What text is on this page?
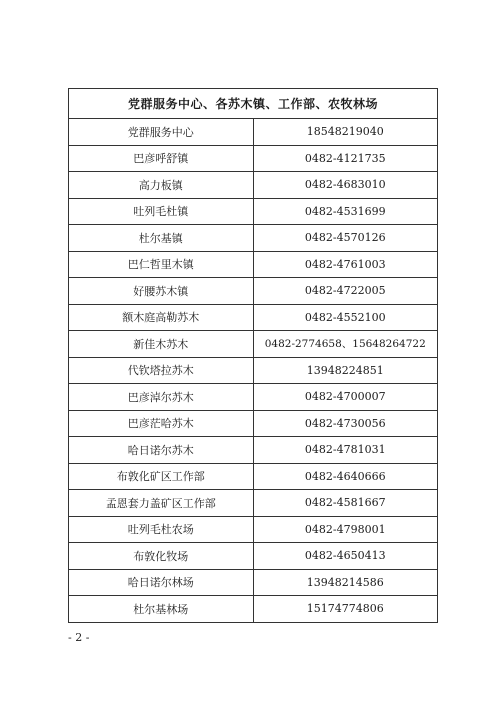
党群服务中心、各苏木镇、工作部、农牧林场	
党群服务中心	18548219040
巴彦呼舒镇	0482-4121735
高力板镇	0482-4683010
吐列毛杜镇	0482-4531699
杜尔基镇	0482-4570126
巴仁哲里木镇	0482-4761003
好腰苏木镇	0482-4722005
额木庭高勒苏木	0482-4552100
新佳木苏木	0482-2774658、15648264722
代钦塔拉苏木	13948224851
巴彦淖尔苏木	0482-4700007
巴彦茫哈苏木	0482-4730056
哈日诺尔苏木	0482-4781031
布敦化矿区工作部	0482-4640666
孟恩套力盖矿区工作部	0482-4581667
吐列毛杜农场	0482-4798001
布敦化牧场	0482-4650413
哈日诺尔林场	13948214586
杜尔基林场	15174774806
- 2 -
